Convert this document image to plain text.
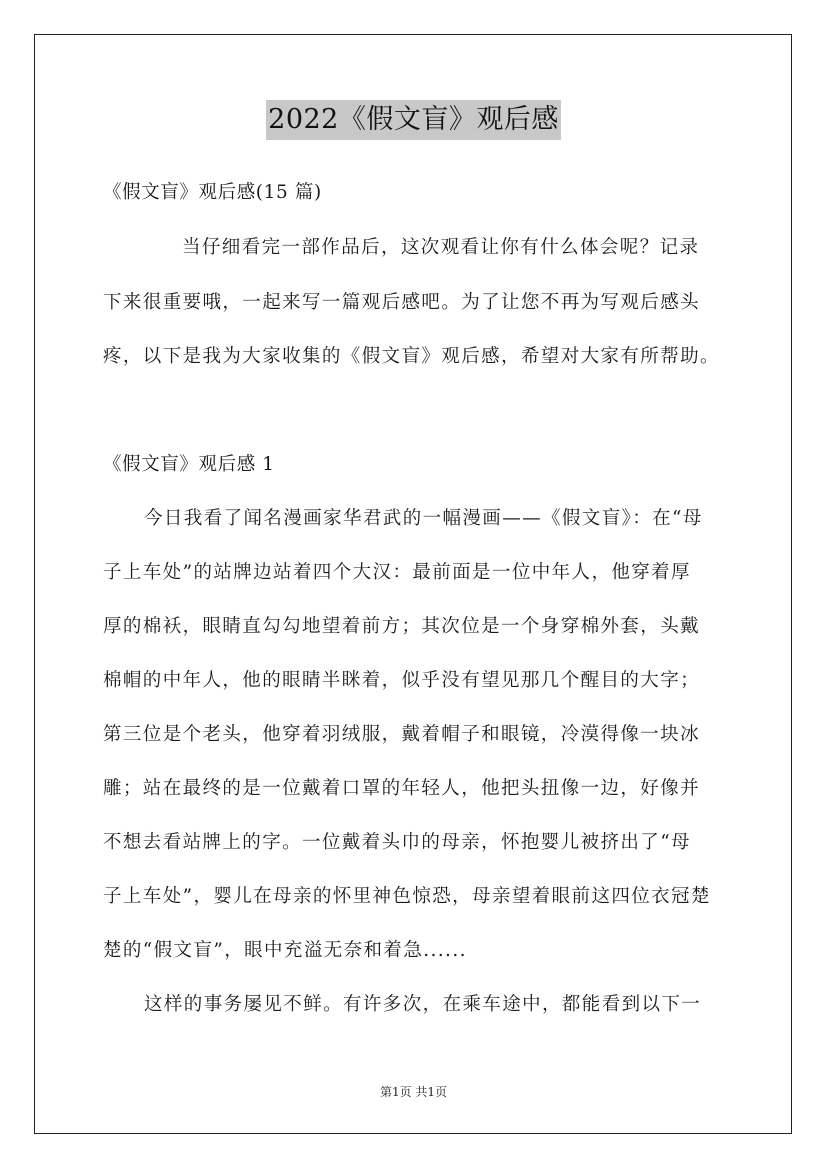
2022《假文盲》观后感
《假文盲》观后感(15 篇)
当仔细看完一部作品后，这次观看让你有什么体会呢？记录
下来很重要哦，一起来写一篇观后感吧。为了让您不再为写观后感头
疼，以下是我为大家收集的《假文盲》观后感，希望对大家有所帮助。
《假文盲》观后感 1
今日我看了闻名漫画家华君武的一幅漫画——《假文盲》：在“母
子上车处”的站牌边站着四个大汉：最前面是一位中年人，他穿着厚
厚的棉袄，眼睛直勾勾地望着前方；其次位是一个身穿棉外套，头戴
棉帽的中年人，他的眼睛半眯着，似乎没有望见那几个醒目的大字；
第三位是个老头，他穿着羽绒服，戴着帽子和眼镜，冷漠得像一块冰
雕；站在最终的是一位戴着口罩的年轻人，他把头扭像一边，好像并
不想去看站牌上的字。一位戴着头巾的母亲，怀抱婴儿被挤出了“母
子上车处”，婴儿在母亲的怀里神色惊恐，母亲望着眼前这四位衣冠楚
楚的“假文盲”，眼中充溢无奈和着急......
这样的事务屡见不鲜。有许多次，在乘车途中，都能看到以下一
第1页 共1页
